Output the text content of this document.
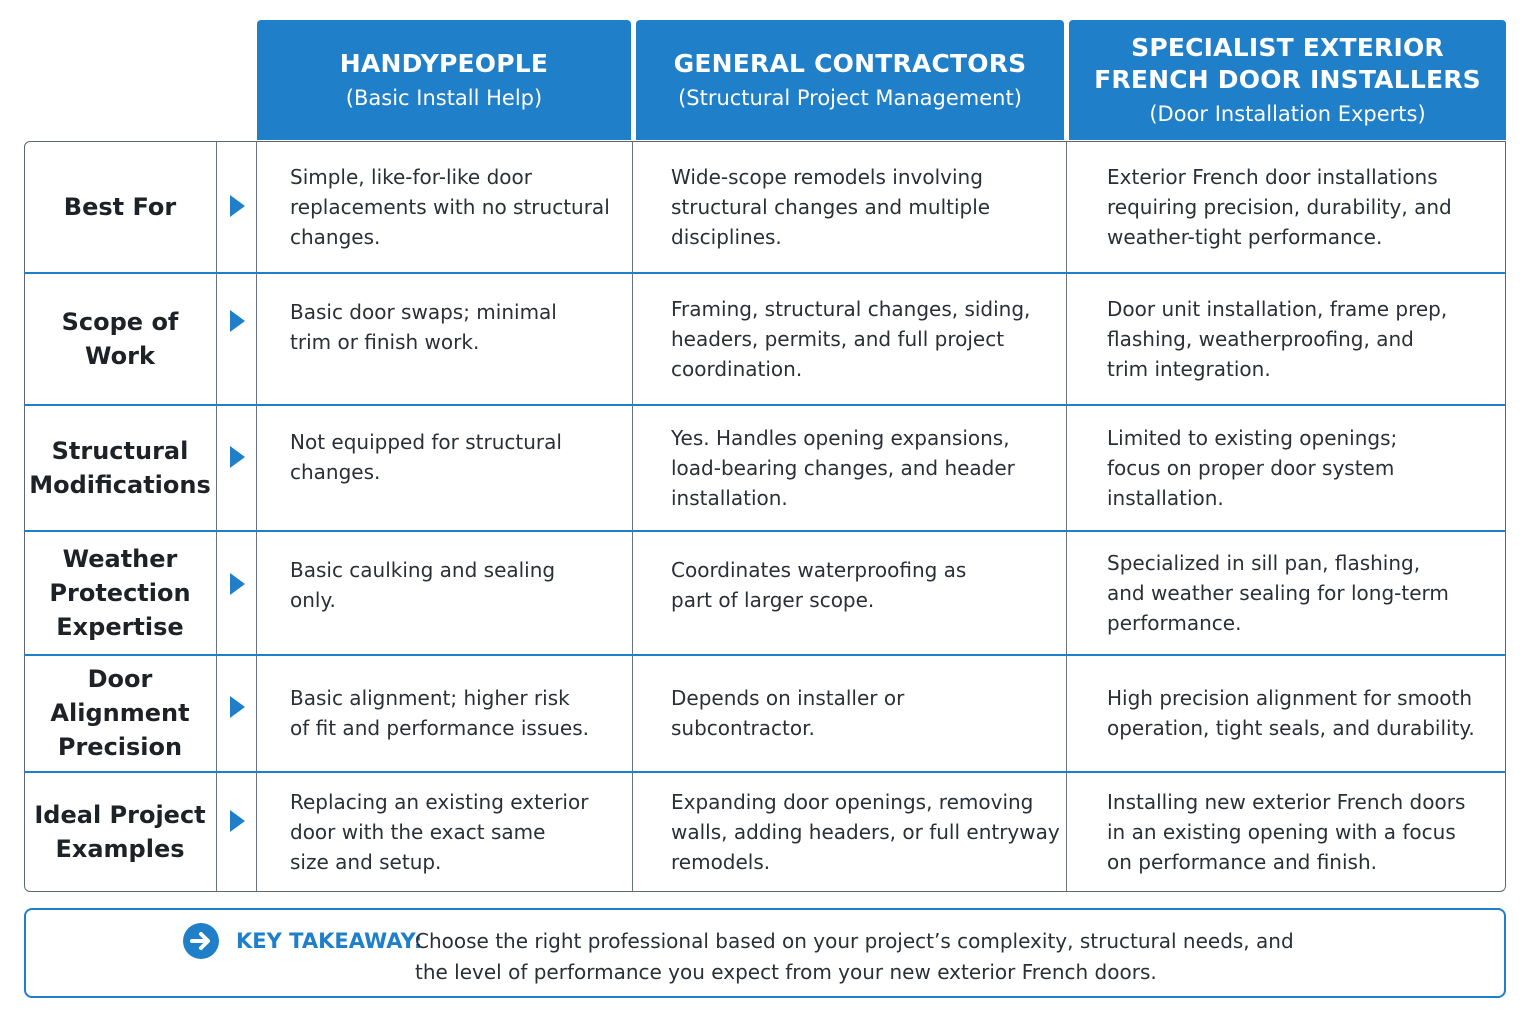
HANDYPEOPLE
(Basic Install Help)
GENERAL CONTRACTORS
(Structural Project Management)
SPECIALIST EXTERIOR
FRENCH DOOR INSTALLERS
(Door Installation Experts)
Best For
Simple, like-for-like door
replacements with no structural
changes.
Wide-scope remodels involving
structural changes and multiple
disciplines.
Exterior French door installations
requiring precision, durability, and
weather-tight performance.
Scope of
Work
Basic door swaps; minimal
trim or finish work.
Framing, structural changes, siding,
headers, permits, and full project
coordination.
Door unit installation, frame prep,
flashing, weatherproofing, and
trim integration.
Structural
Modifications
Not equipped for structural
changes.
Yes. Handles opening expansions,
load-bearing changes, and header
installation.
Limited to existing openings;
focus on proper door system
installation.
Weather
Protection
Expertise
Basic caulking and sealing
only.
Coordinates waterproofing as
part of larger scope.
Specialized in sill pan, flashing,
and weather sealing for long-term
performance.
Door
Alignment
Precision
Basic alignment; higher risk
of fit and performance issues.
Depends on installer or
subcontractor.
High precision alignment for smooth
operation, tight seals, and durability.
Ideal Project
Examples
Replacing an existing exterior
door with the exact same
size and setup.
Expanding door openings, removing
walls, adding headers, or full entryway
remodels.
Installing new exterior French doors
in an existing opening with a focus
on performance and finish.
KEY TAKEAWAY:
Choose the right professional based on your project’s complexity, structural needs, and the level of performance you expect from your new exterior French doors.
